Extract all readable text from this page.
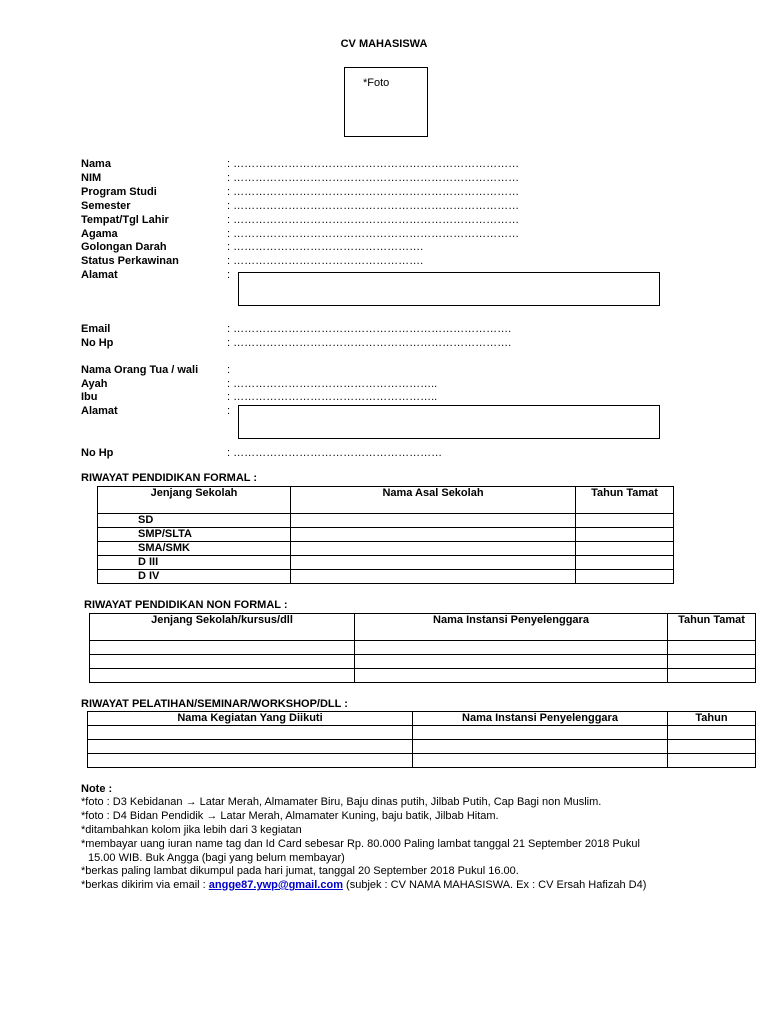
CV MAHASISWA
*Foto
Nama	: ……………………………………………………………………
NIM	: ……………………………………………………………………
Program Studi	: ……………………………………………………………………
Semester	: ……………………………………………………………………
Tempat/Tgl Lahir	: ……………………………………………………………………
Agama	: ……………………………………………………………………
Golongan Darah	: …………………………………………….
Status Perkawinan	: …………………………………………….
Alamat	:
Email	: ………………………………………………………………….
No Hp	: ………………………………………………………………….
Nama Orang Tua / wali	:
Ayah	: ………………………………………………..
Ibu	: ………………………………………………..
Alamat	:
No Hp	: …………………………………………………
RIWAYAT PENDIDIKAN FORMAL :
Jenjang Sekolah	Nama Asal Sekolah	Tahun Tamat
SD		
SMP/SLTA		
SMA/SMK		
D III		
D IV		
RIWAYAT PENDIDIKAN NON FORMAL :
Jenjang Sekolah/kursus/dll	Nama Instansi Penyelenggara	Tahun Tamat

RIWAYAT PELATIHAN/SEMINAR/WORKSHOP/DLL :
Nama Kegiatan Yang Diikuti	Nama Instansi Penyelenggara	Tahun

Note :
*foto : D3 Kebidanan → Latar Merah, Almamater Biru, Baju dinas putih, Jilbab Putih, Cap Bagi non Muslim.
*foto : D4 Bidan Pendidik → Latar Merah, Almamater Kuning, baju batik, Jilbab Hitam.
*ditambahkan kolom jika lebih dari 3 kegiatan
*membayar uang iuran name tag dan Id Card sebesar Rp. 80.000 Paling lambat tanggal 21 September 2018 Pukul
15.00 WIB. Buk Angga (bagi yang belum membayar)
*berkas paling lambat dikumpul pada hari jumat, tanggal 20 September 2018 Pukul 16.00.
*berkas dikirim via email : angge87.ywp@gmail.com (subjek : CV NAMA MAHASISWA. Ex : CV Ersah Hafizah D4)
